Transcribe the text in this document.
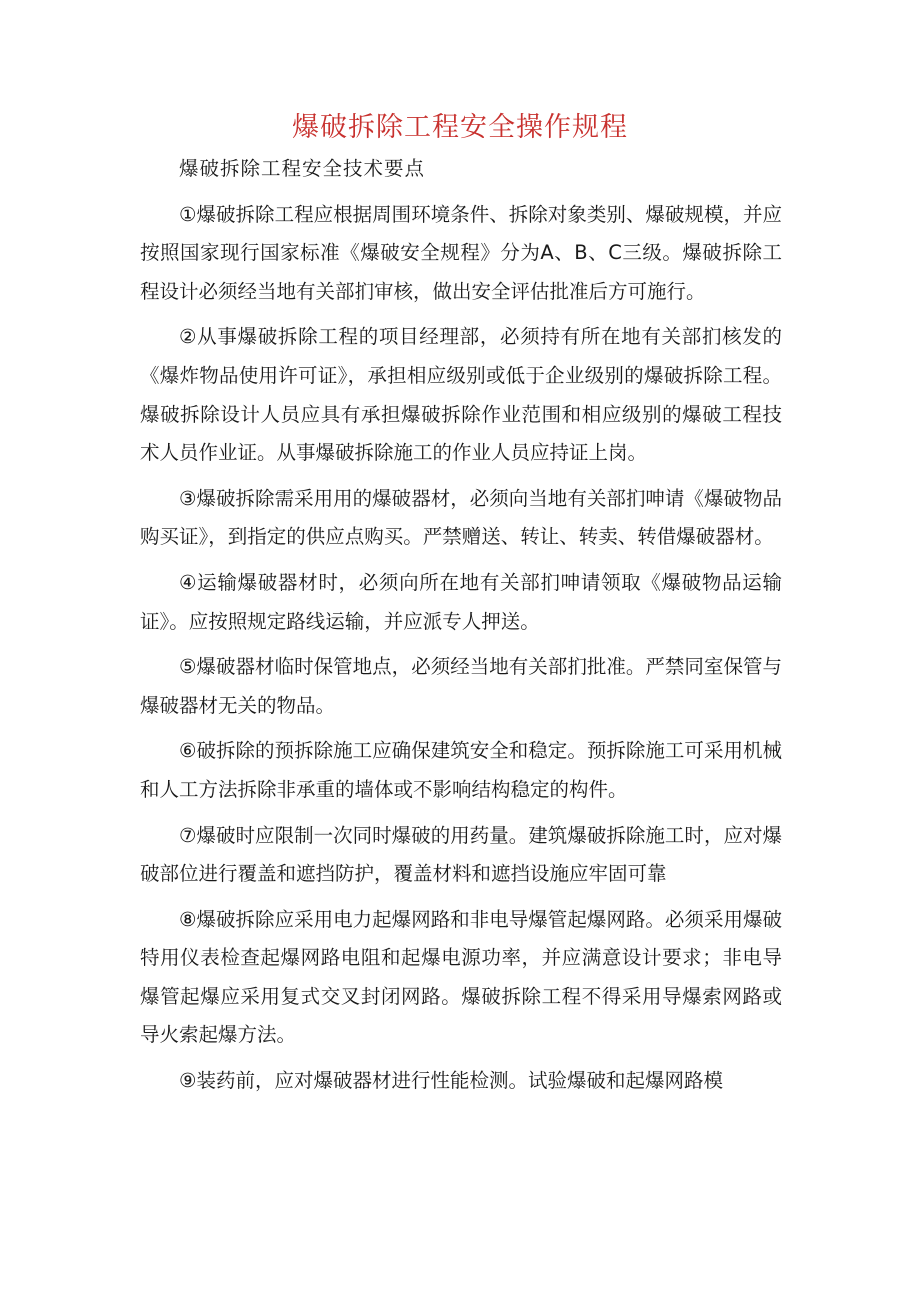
爆破拆除工程安全操作规程

爆破拆除工程安全技术要点

①爆破拆除工程应根据周围环境条件、拆除对象类别、爆破规模，并应按照国家现行国家标准《爆破安全规程》分为A、B、C三级。爆破拆除工程设计必须经当地有关部扪审核，做出安全评估批准后方可施行。

②从事爆破拆除工程的项目经理部，必须持有所在地有关部扪核发的《爆炸物品使用许可证》，承担相应级别或低于企业级别的爆破拆除工程。爆破拆除设计人员应具有承担爆破拆除作业范围和相应级别的爆破工程技术人员作业证。从事爆破拆除施工的作业人员应持证上岗。

③爆破拆除需采用用的爆破器材，必须向当地有关部扪呻请《爆破物品购买证》，到指定的供应点购买。严禁赠送、转让、转卖、转借爆破器材。

④运输爆破器材时，必须向所在地有关部扪呻请领取《爆破物品运输证》。应按照规定路线运输，并应派专人押送。

⑤爆破器材临时保管地点，必须经当地有关部扪批准。严禁同室保管与爆破器材无关的物品。

⑥破拆除的预拆除施工应确保建筑安全和稳定。预拆除施工可采用机械和人工方法拆除非承重的墙体或不影响结构稳定的构件。

⑦爆破时应限制一次同时爆破的用药量。建筑爆破拆除施工时，应对爆破部位进行覆盖和遮挡防护，覆盖材料和遮挡设施应牢固可靠

⑧爆破拆除应采用电力起爆网路和非电导爆管起爆网路。必须采用爆破特用仪表检查起爆网路电阻和起爆电源功率，并应满意设计要求；非电导爆管起爆应采用复式交叉封闭网路。爆破拆除工程不得采用导爆索网路或导火索起爆方法。

⑨装药前，应对爆破器材进行性能检测。试验爆破和起爆网路模
